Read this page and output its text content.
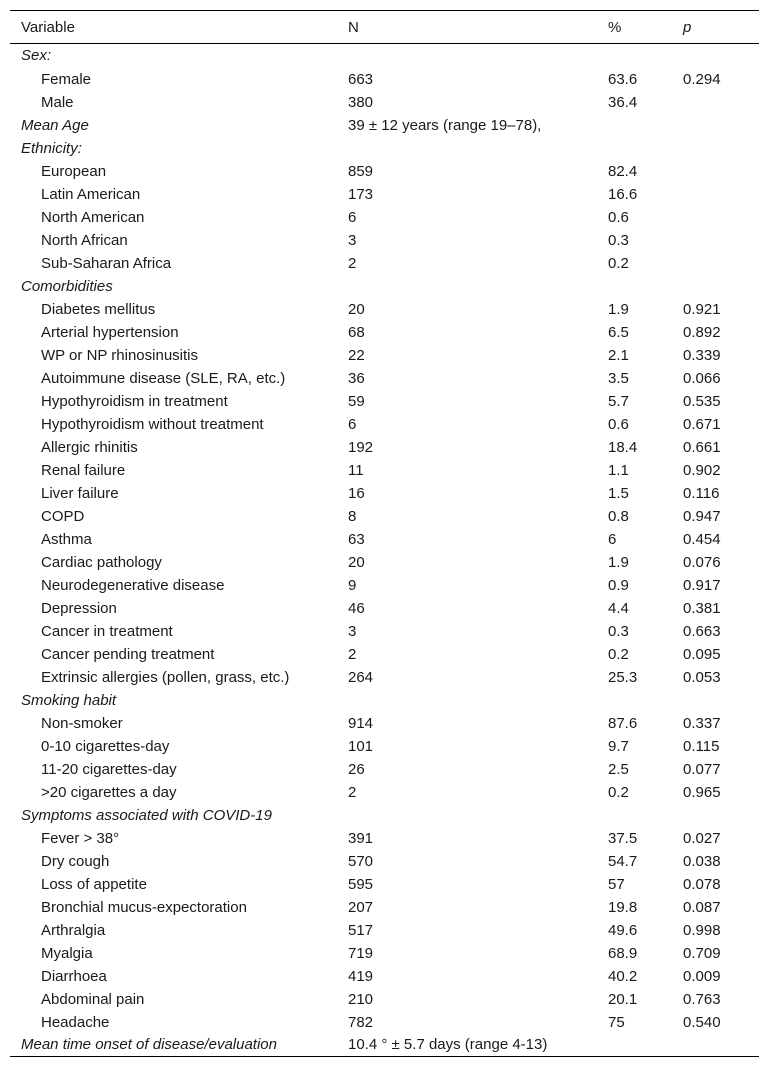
Variable	N	%	p
Sex:			
Female	663	63.6	0.294
Male	380	36.4	
Mean Age	39 ± 12 years (range 19–78),		
Ethnicity:			
European	859	82.4	
Latin American	173	16.6	
North American	6	0.6	
North African	3	0.3	
Sub-Saharan Africa	2	0.2	
Comorbidities			
Diabetes mellitus	20	1.9	0.921
Arterial hypertension	68	6.5	0.892
WP or NP rhinosinusitis	22	2.1	0.339
Autoimmune disease (SLE, RA, etc.)	36	3.5	0.066
Hypothyroidism in treatment	59	5.7	0.535
Hypothyroidism without treatment	6	0.6	0.671
Allergic rhinitis	192	18.4	0.661
Renal failure	11	1.1	0.902
Liver failure	16	1.5	0.116
COPD	8	0.8	0.947
Asthma	63	6	0.454
Cardiac pathology	20	1.9	0.076
Neurodegenerative disease	9	0.9	0.917
Depression	46	4.4	0.381
Cancer in treatment	3	0.3	0.663
Cancer pending treatment	2	0.2	0.095
Extrinsic allergies (pollen, grass, etc.)	264	25.3	0.053
Smoking habit			
Non-smoker	914	87.6	0.337
0-10 cigarettes-day	101	9.7	0.115
11-20 cigarettes-day	26	2.5	0.077
>20 cigarettes a day	2	0.2	0.965
Symptoms associated with COVID-19			
Fever > 38°	391	37.5	0.027
Dry cough	570	54.7	0.038
Loss of appetite	595	57	0.078
Bronchial mucus-expectoration	207	19.8	0.087
Arthralgia	517	49.6	0.998
Myalgia	719	68.9	0.709
Diarrhoea	419	40.2	0.009
Abdominal pain	210	20.1	0.763
Headache	782	75	0.540
Mean time onset of disease/evaluation	10.4 ° ± 5.7 days (range 4-13)		
